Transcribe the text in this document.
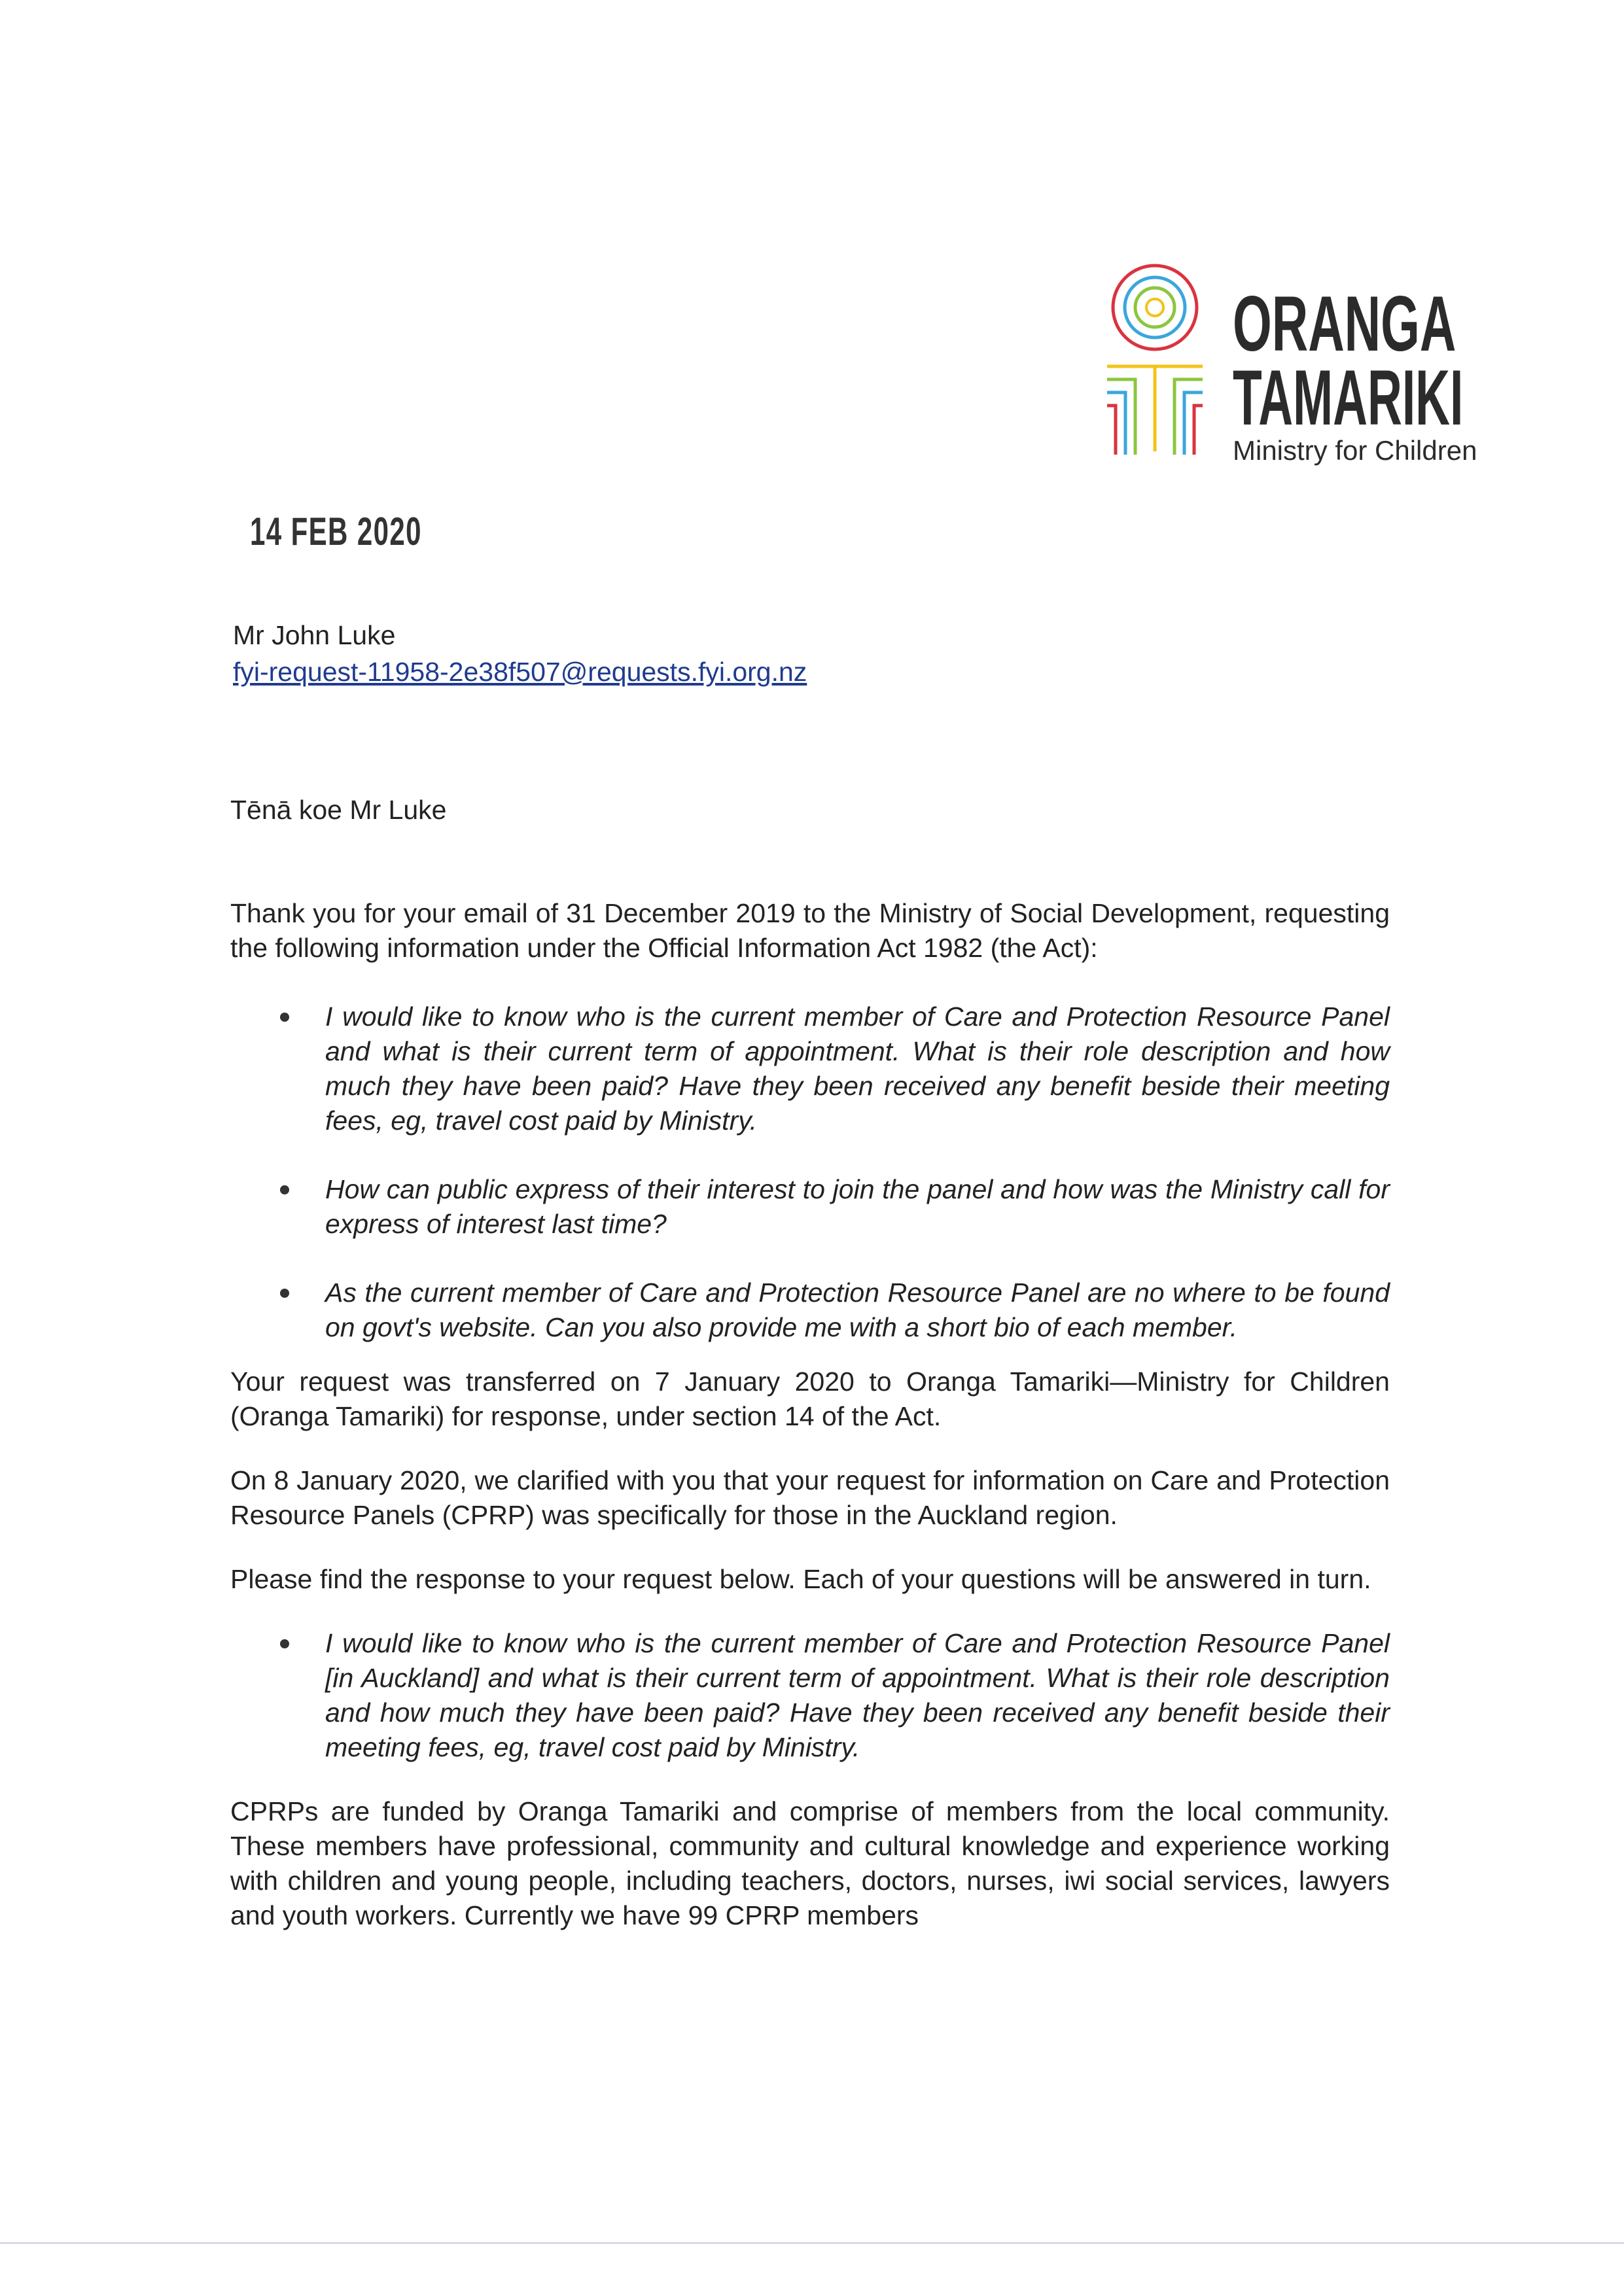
ORANGA
TAMARIKI
Ministry for Children
14 FEB 2020
Mr John Luke
fyi-request-11958-2e38f507@requests.fyi.org.nz

Tēnā koe Mr Luke

Thank you for your email of 31 December 2019 to the Ministry of Social Development, requesting the following information under the Official Information Act 1982 (the Act):

I would like to know who is the current member of Care and Protection Resource Panel and what is their current term of appointment. What is their role description and how much they have been paid? Have they been received any benefit beside their meeting fees, eg, travel cost paid by Ministry.
How can public express of their interest to join the panel and how was the Ministry call for express of interest last time?
As the current member of Care and Protection Resource Panel are no where to be found on govt's website. Can you also provide me with a short bio of each member.

Your request was transferred on 7 January 2020 to Oranga Tamariki—Ministry for Children (Oranga Tamariki) for response, under section 14 of the Act.

On 8 January 2020, we clarified with you that your request for information on Care and Protection Resource Panels (CPRP) was specifically for those in the Auckland region.

Please find the response to your request below. Each of your questions will be answered in turn.

I would like to know who is the current member of Care and Protection Resource Panel [in Auckland] and what is their current term of appointment. What is their role description and how much they have been paid? Have they been received any benefit beside their meeting fees, eg, travel cost paid by Ministry.

CPRPs are funded by Oranga Tamariki and comprise of members from the local community. These members have professional, community and cultural knowledge and experience working with children and young people, including teachers, doctors, nurses, iwi social services, lawyers and youth workers. Currently we have 99 CPRP members
